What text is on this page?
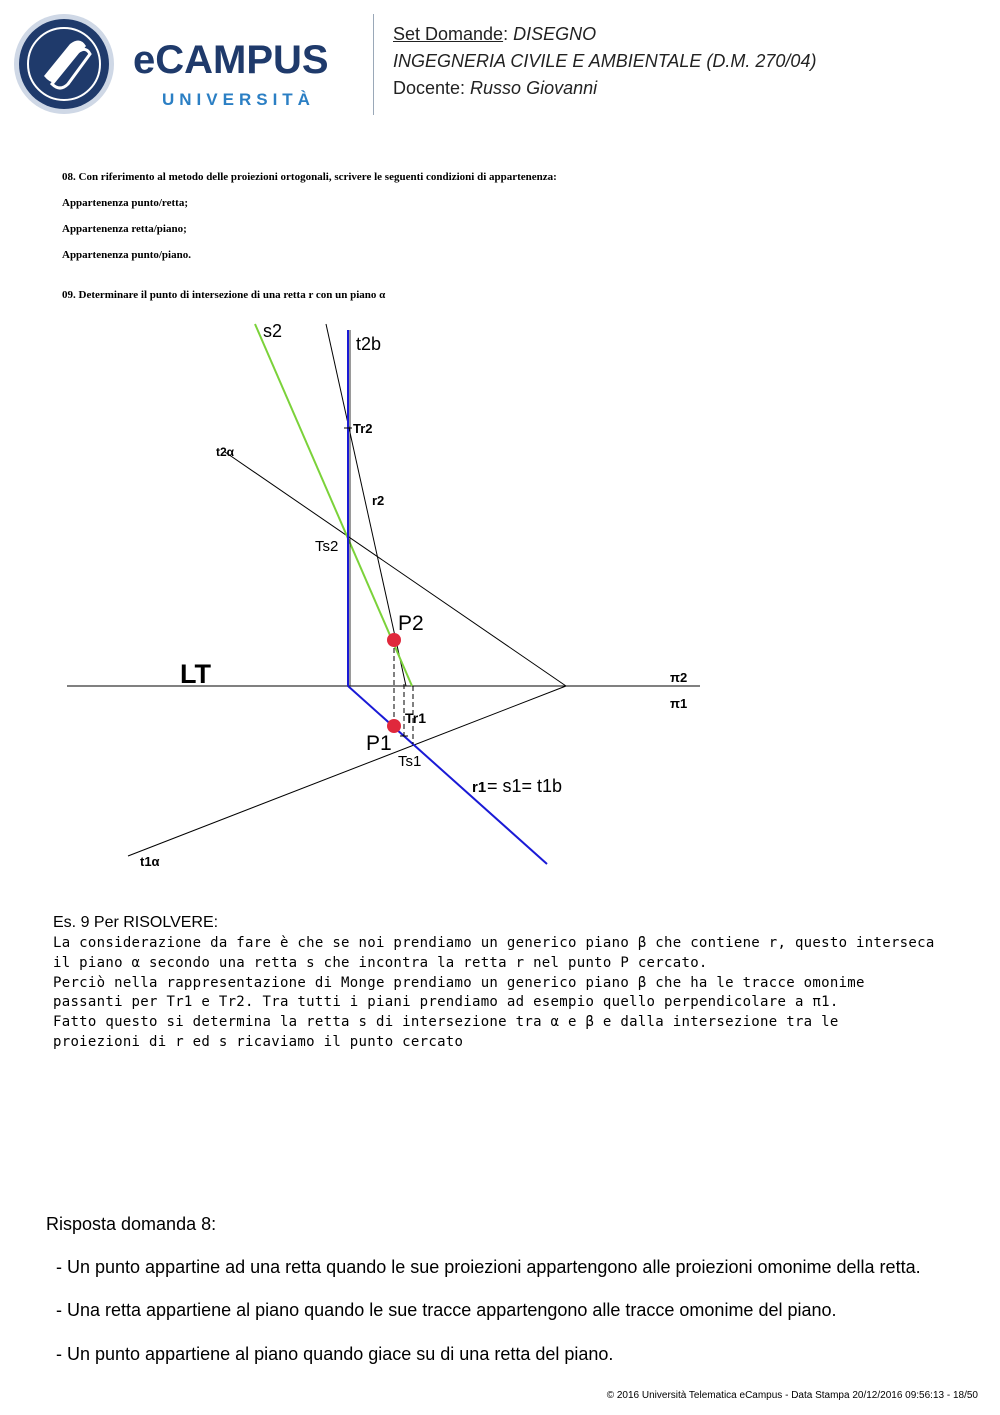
eCAMPUS
UNIVERSITÀ
Set Domande: DISEGNO
INGEGNERIA CIVILE E AMBIENTALE (D.M. 270/04)
Docente: Russo Giovanni
08. Con riferimento al metodo delle proiezioni ortogonali, scrivere le seguenti condizioni di appartenenza:
Appartenenza punto/retta;
Appartenenza retta/piano;
Appartenenza punto/piano.
09. Determinare il punto di intersezione di una retta r con un piano α
s2
t2b
Tr2
t2α
r2
Ts2
P2
LT	π2
π1
Tr1
P1
Ts1
r1 = s1= t1b
t1α
Es. 9 Per RISOLVERE:
La considerazione da fare è che se noi prendiamo un generico piano β che contiene r, questo interseca
il piano α secondo una retta s che incontra la retta r nel punto P cercato.
Perciò nella rappresentazione di Monge prendiamo un generico piano β che ha le tracce omonime
passanti per Tr1 e Tr2. Tra tutti i piani prendiamo ad esempio quello perpendicolare a π1.
Fatto questo si determina la retta s di intersezione tra α e β e dalla intersezione tra le
proiezioni di r ed s ricaviamo il punto cercato
Risposta domanda 8:
- Un punto appartine ad una retta quando le sue proiezioni appartengono alle proiezioni omonime della retta.
- Una retta appartiene al piano quando le sue tracce appartengono alle tracce omonime del piano.
- Un punto appartiene al piano quando giace su di una retta del piano.
© 2016 Università Telematica eCampus - Data Stampa 20/12/2016 09:56:13 - 18/50
